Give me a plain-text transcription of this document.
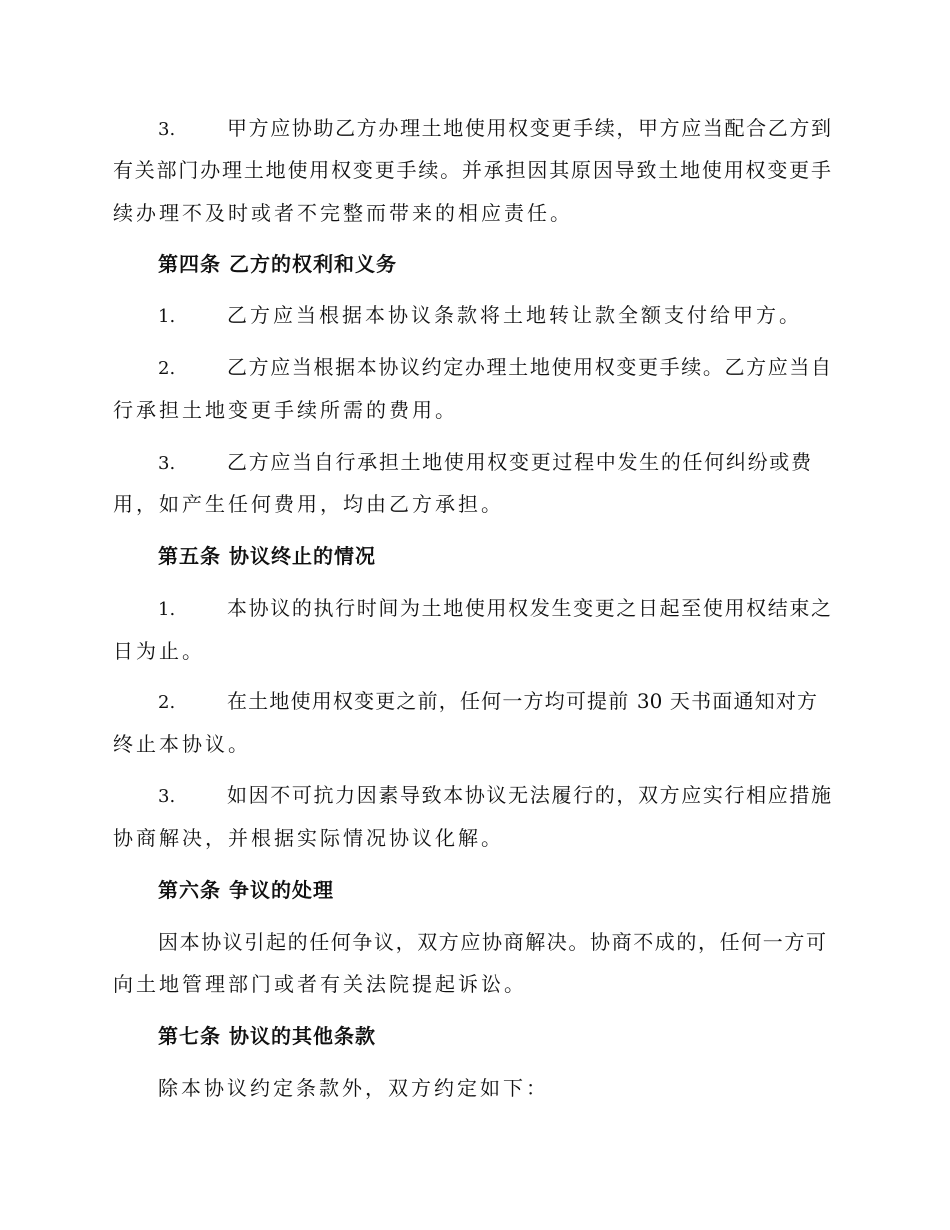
3.	甲方应协助乙方办理土地使用权变更手续，甲方应当配合乙方到
有关部门办理土地使用权变更手续。并承担因其原因导致土地使用权变更手
续办理不及时或者不完整而带来的相应责任。
第四条 乙方的权利和义务
1.	乙方应当根据本协议条款将土地转让款全额支付给甲方。
2.	乙方应当根据本协议约定办理土地使用权变更手续。乙方应当自
行承担土地变更手续所需的费用。
3.	乙方应当自行承担土地使用权变更过程中发生的任何纠纷或费
用，如产生任何费用，均由乙方承担。
第五条 协议终止的情况
1.	本协议的执行时间为土地使用权发生变更之日起至使用权结束之
日为止。
2.	在土地使用权变更之前，任何一方均可提前 30 天书面通知对方
终止本协议。
3.	如因不可抗力因素导致本协议无法履行的，双方应实行相应措施
协商解决，并根据实际情况协议化解。
第六条 争议的处理
因本协议引起的任何争议，双方应协商解决。协商不成的，任何一方可
向土地管理部门或者有关法院提起诉讼。
第七条 协议的其他条款
除本协议约定条款外，双方约定如下：
